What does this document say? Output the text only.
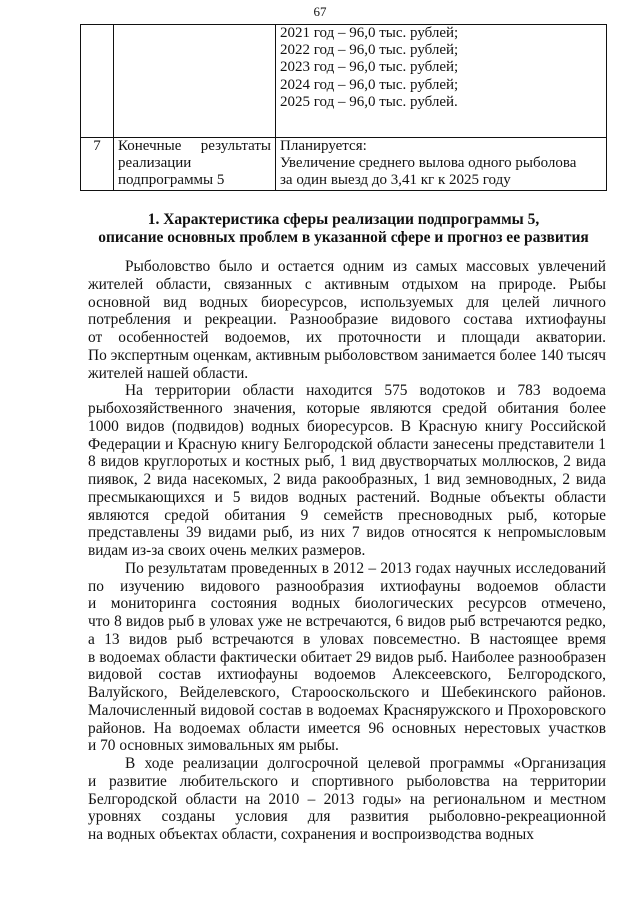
67

		2021 год – 96,0 тыс. рублей;
2022 год – 96,0 тыс. рублей;
2023 год – 96,0 тыс. рублей;
2024 год – 96,0 тыс. рублей;
2025 год – 96,0 тыс. рублей.

7	Конечные результаты
реализации
подпрограммы 5	Планируется:
Увеличение среднего вылова одного рыболова
за один выезд до 3,41 кг к 2025 году
1. Характеристика сферы реализации подпрограммы 5,
описание основных проблем в указанной сфере и прогноз ее развития
Рыболовство было и остается одним из самых массовых увлечений
жителей области, связанных с активным отдыхом на природе. Рыбы
основной вид водных биоресурсов, используемых для целей личного
потребления и рекреации. Разнообразие видового состава ихтиофауны
от особенностей водоемов, их проточности и площади акватории.
По экспертным оценкам, активным рыболовством занимается более 140 тысяч
жителей нашей области.
На территории области находится 575 водотоков и 783 водоема
рыбохозяйственного значения, которые являются средой обитания более
1000 видов (подвидов) водных биоресурсов. В Красную книгу Российской
Федерации и Красную книгу Белгородской области занесены представители 1
8 видов круглоротых и костных рыб, 1 вид двустворчатых моллюсков, 2 вида
пиявок, 2 вида насекомых, 2 вида ракообразных, 1 вид земноводных, 2 вида
пресмыкающихся и 5 видов водных растений. Водные объекты области
являются средой обитания 9 семейств пресноводных рыб, которые
представлены 39 видами рыб, из них 7 видов относятся к непромысловым
видам из-за своих очень мелких размеров.
По результатам проведенных в 2012 – 2013 годах научных исследований
по изучению видового разнообразия ихтиофауны водоемов области
и мониторинга состояния водных биологических ресурсов отмечено,
что 8 видов рыб в уловах уже не встречаются, 6 видов рыб встречаются редко,
а 13 видов рыб встречаются в уловах повсеместно. В настоящее время
в водоемах области фактически обитает 29 видов рыб. Наиболее разнообразен
видовой состав ихтиофауны водоемов Алексеевского, Белгородского,
Валуйского, Вейделевского, Старооскольского и Шебекинского районов.
Малочисленный видовой состав в водоемах Красняружского и Прохоровского
районов. На водоемах области имеется 96 основных нерестовых участков
и 70 основных зимовальных ям рыбы.
В ходе реализации долгосрочной целевой программы «Организация
и развитие любительского и спортивного рыболовства на территории
Белгородской области на 2010 – 2013 годы» на региональном и местном
уровнях созданы условия для развития рыболовно-рекреационной
на водных объектах области, сохранения и воспроизводства водных
